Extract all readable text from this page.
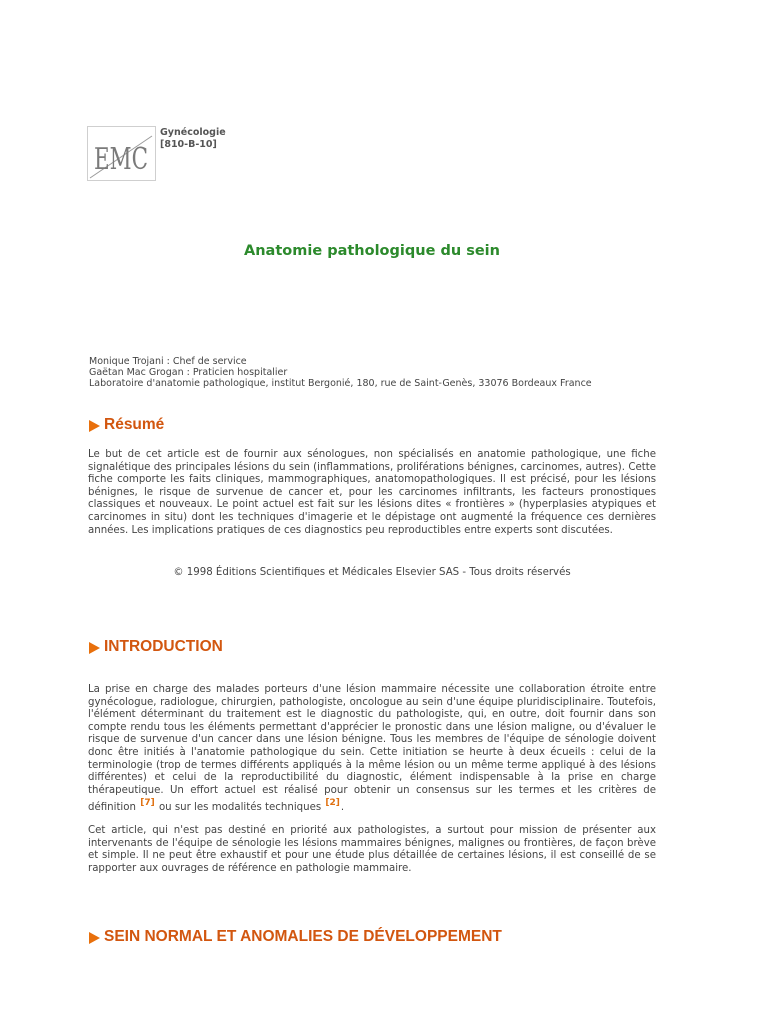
EMC
Gynécologie
[810-B-10]
Anatomie pathologique du sein
Monique Trojani : Chef de service
Gaëtan Mac Grogan : Praticien hospitalier
Laboratoire d'anatomie pathologique, institut Bergonié, 180, rue de Saint-Genès, 33076 Bordeaux France
Résumé

Le but de cet article est de fournir aux sénologues, non spécialisés en anatomie pathologique, une fiche signalétique des principales lésions du sein (inflammations, proliférations bénignes, carcinomes, autres). Cette fiche comporte les faits cliniques, mammographiques, anatomopathologiques. Il est précisé, pour les lésions bénignes, le risque de survenue de cancer et, pour les carcinomes infiltrants, les facteurs pronostiques classiques et nouveaux. Le point actuel est fait sur les lésions dites « frontières » (hyperplasies atypiques et carcinomes in situ) dont les techniques d'imagerie et le dépistage ont augmenté la fréquence ces dernières années. Les implications pratiques de ces diagnostics peu reproductibles entre experts sont discutées.

© 1998 Éditions Scientifiques et Médicales Elsevier SAS - Tous droits réservés
INTRODUCTION

La prise en charge des malades porteurs d'une lésion mammaire nécessite une collaboration étroite entre gynécologue, radiologue, chirurgien, pathologiste, oncologue au sein d'une équipe pluridisciplinaire. Toutefois, l'élément déterminant du traitement est le diagnostic du pathologiste, qui, en outre, doit fournir dans son compte rendu tous les éléments permettant d'apprécier le pronostic dans une lésion maligne, ou d'évaluer le risque de survenue d'un cancer dans une lésion bénigne. Tous les membres de l'équipe de sénologie doivent donc être initiés à l'anatomie pathologique du sein. Cette initiation se heurte à deux écueils : celui de la terminologie (trop de termes différents appliqués à la même lésion ou un même terme appliqué à des lésions différentes) et celui de la reproductibilité du diagnostic, élément indispensable à la prise en charge thérapeutique. Un effort actuel est réalisé pour obtenir un consensus sur les termes et les critères de définition [7] ou sur les modalités techniques [2].

Cet article, qui n'est pas destiné en priorité aux pathologistes, a surtout pour mission de présenter aux intervenants de l'équipe de sénologie les lésions mammaires bénignes, malignes ou frontières, de façon brève et simple. Il ne peut être exhaustif et pour une étude plus détaillée de certaines lésions, il est conseillé de se rapporter aux ouvrages de référence en pathologie mammaire.

SEIN NORMAL ET ANOMALIES DE DÉVELOPPEMENT
